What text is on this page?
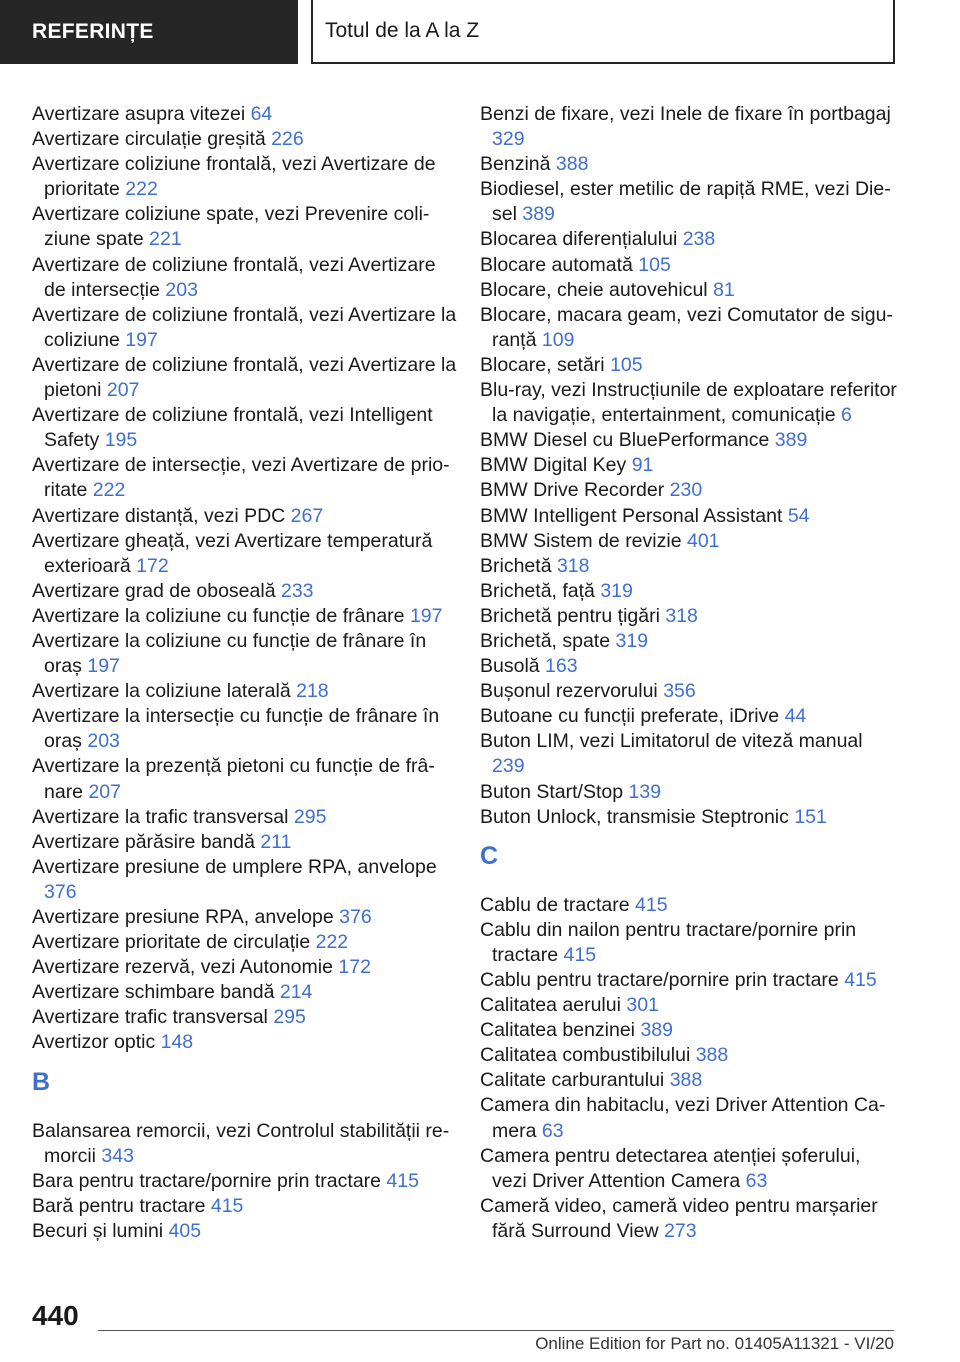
REFERINȚE	Totul de la A la Z
Avertizare asupra vitezei 64
Avertizare circulație greșită 226
Avertizare coliziune frontală, vezi Avertizare de prioritate 222
Avertizare coliziune spate, vezi Prevenire coliziune spate 221
Avertizare de coliziune frontală, vezi Avertizare de intersecție 203
Avertizare de coliziune frontală, vezi Avertizare la coliziune 197
Avertizare de coliziune frontală, vezi Avertizare la pietoni 207
Avertizare de coliziune frontală, vezi Intelligent Safety 195
Avertizare de intersecție, vezi Avertizare de prioritate 222
Avertizare distanță, vezi PDC 267
Avertizare gheață, vezi Avertizare temperatură exterioară 172
Avertizare grad de oboseală 233
Avertizare la coliziune cu funcție de frânare 197
Avertizare la coliziune cu funcție de frânare în oraș 197
Avertizare la coliziune laterală 218
Avertizare la intersecție cu funcție de frânare în oraș 203
Avertizare la prezență pietoni cu funcție de frânare 207
Avertizare la trafic transversal 295
Avertizare părăsire bandă 211
Avertizare presiune de umplere RPA, anvelope 376
Avertizare presiune RPA, anvelope 376
Avertizare prioritate de circulație 222
Avertizare rezervă, vezi Autonomie 172
Avertizare schimbare bandă 214
Avertizare trafic transversal 295
Avertizor optic 148
B
Balansarea remorcii, vezi Controlul stabilității remorcii 343
Bara pentru tractare/pornire prin tractare 415
Bară pentru tractare 415
Becuri și lumini 405
Benzi de fixare, vezi Inele de fixare în portbagaj 329
Benzină 388
Biodiesel, ester metilic de rapiță RME, vezi Diesel 389
Blocarea diferențialului 238
Blocare automată 105
Blocare, cheie autovehicul 81
Blocare, macara geam, vezi Comutator de siguranță 109
Blocare, setări 105
Blu-ray, vezi Instrucțiunile de exploatare referitor la navigație, entertainment, comunicație 6
BMW Diesel cu BluePerformance 389
BMW Digital Key 91
BMW Drive Recorder 230
BMW Intelligent Personal Assistant 54
BMW Sistem de revizie 401
Brichetă 318
Brichetă, față 319
Brichetă pentru țigări 318
Brichetă, spate 319
Busolă 163
Bușonul rezervorului 356
Butoane cu funcții preferate, iDrive 44
Buton LIM, vezi Limitatorul de viteză manual 239
Buton Start/Stop 139
Buton Unlock, transmisie Steptronic 151
C
Cablu de tractare 415
Cablu din nailon pentru tractare/pornire prin tractare 415
Cablu pentru tractare/pornire prin tractare 415
Calitatea aerului 301
Calitatea benzinei 389
Calitatea combustibilului 388
Calitate carburantului 388
Camera din habitaclu, vezi Driver Attention Camera 63
Camera pentru detectarea atenției șoferului, vezi Driver Attention Camera 63
Cameră video, cameră video pentru marșarier fără Surround View 273
440
Online Edition for Part no. 01405A11321 - VI/20
